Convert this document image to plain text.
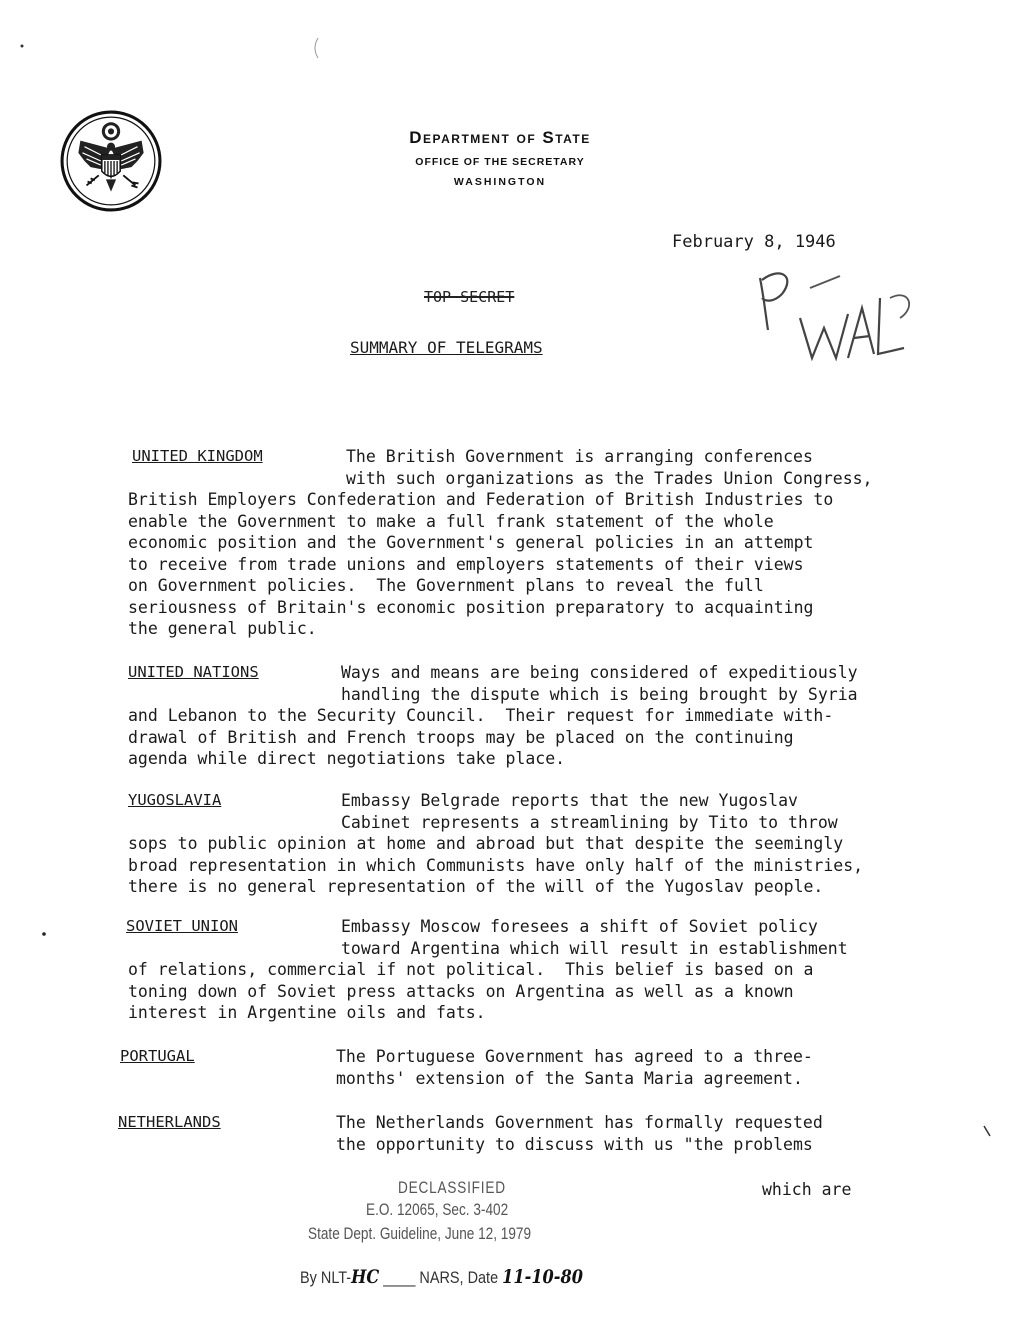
Department of State
OFFICE OF THE SECRETARY
WASHINGTON
February 8, 1946
TOP SECRET
SUMMARY OF TELEGRAMS
UNITED KINGDOM	The British Government is arranging conferences
with such organizations as the Trades Union Congress,
British Employers Confederation and Federation of British Industries to
enable the Government to make a full frank statement of the whole
economic position and the Government's general policies in an attempt
to receive from trade unions and employers statements of their views
on Government policies.  The Government plans to reveal the full
seriousness of Britain's economic position preparatory to acquainting
the general public.
UNITED NATIONS	Ways and means are being considered of expeditiously
handling the dispute which is being brought by Syria
and Lebanon to the Security Council.  Their request for immediate with-
drawal of British and French troops may be placed on the continuing
agenda while direct negotiations take place.
YUGOSLAVIA	Embassy Belgrade reports that the new Yugoslav
Cabinet represents a streamlining by Tito to throw
sops to public opinion at home and abroad but that despite the seemingly
broad representation in which Communists have only half of the ministries,
there is no general representation of the will of the Yugoslav people.
SOVIET UNION	Embassy Moscow foresees a shift of Soviet policy
toward Argentina which will result in establishment
of relations, commercial if not political.  This belief is based on a
toning down of Soviet press attacks on Argentina as well as a known
interest in Argentine oils and fats.
PORTUGAL	The Portuguese Government has agreed to a three-
months' extension of the Santa Maria agreement.
NETHERLANDS	The Netherlands Government has formally requested
the opportunity to discuss with us "the problems
which are
DECLASSIFIED
E.O. 12065, Sec. 3-402
State Dept. Guideline, June 12, 1979
By NLT-HC ____ NARS, Date 11-10-80
